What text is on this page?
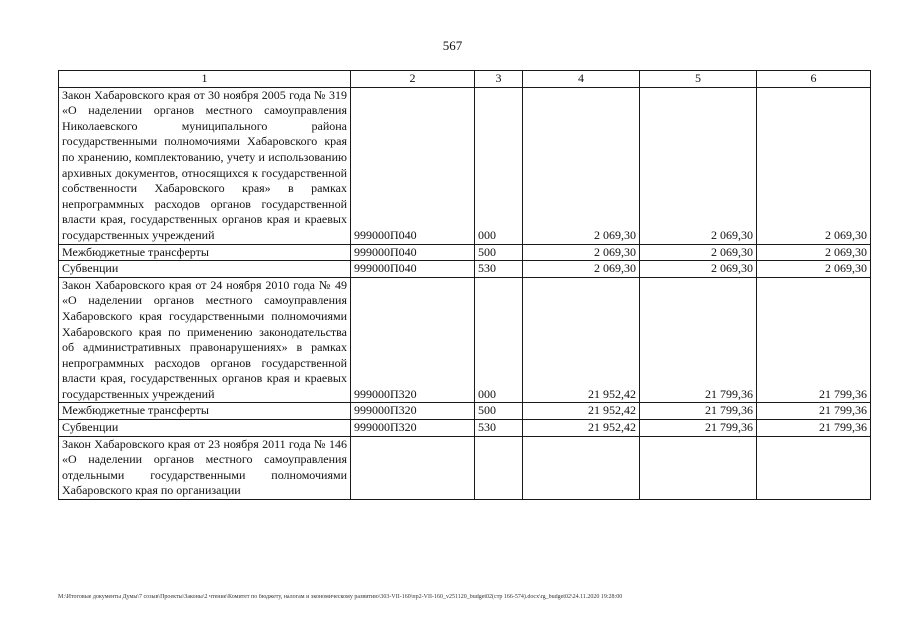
567
1	2	3	4	5	6
Закон Хабаровского края от 30 ноября 2005 года № 319 «О наделении органов местного самоуправления Николаевского муниципального района государственными полномочиями Хабаровского края по хранению, комплектованию, учету и использованию архивных документов, относящихся к государственной собственности Хабаровского края» в рамках непрограммных расходов органов государственной власти края, государственных органов края и краевых государственных учреждений	999000П040	000	2 069,30	2 069,30	2 069,30
Межбюджетные трансферты	999000П040	500	2 069,30	2 069,30	2 069,30
Субвенции	999000П040	530	2 069,30	2 069,30	2 069,30
Закон Хабаровского края от 24 ноября 2010 года № 49 «О наделении органов местного самоуправления Хабаровского края государственными полномочиями Хабаровского края по применению законодательства об административных правонарушениях» в рамках непрограммных расходов органов государственной власти края, государственных органов края и краевых государственных учреждений	999000П320	000	21 952,42	21 799,36	21 799,36
Межбюджетные трансферты	999000П320	500	21 952,42	21 799,36	21 799,36
Субвенции	999000П320	530	21 952,42	21 799,36	21 799,36
Закон Хабаровского края от 23 ноября 2011 года № 146 «О наделении органов местного самоуправления отдельными государственными полномочиями Хабаровского края по организации					
М:\Итоговые документы Думы\7 созыв\Проекты\Законы\2 чтение\Комитет по бюджету, налогам и экономическому развитию\303-VII-160\пр2-VII-160_v251120_budget02(стр 166-574).docx\rg_budget02\24.11.2020 19:28:00
